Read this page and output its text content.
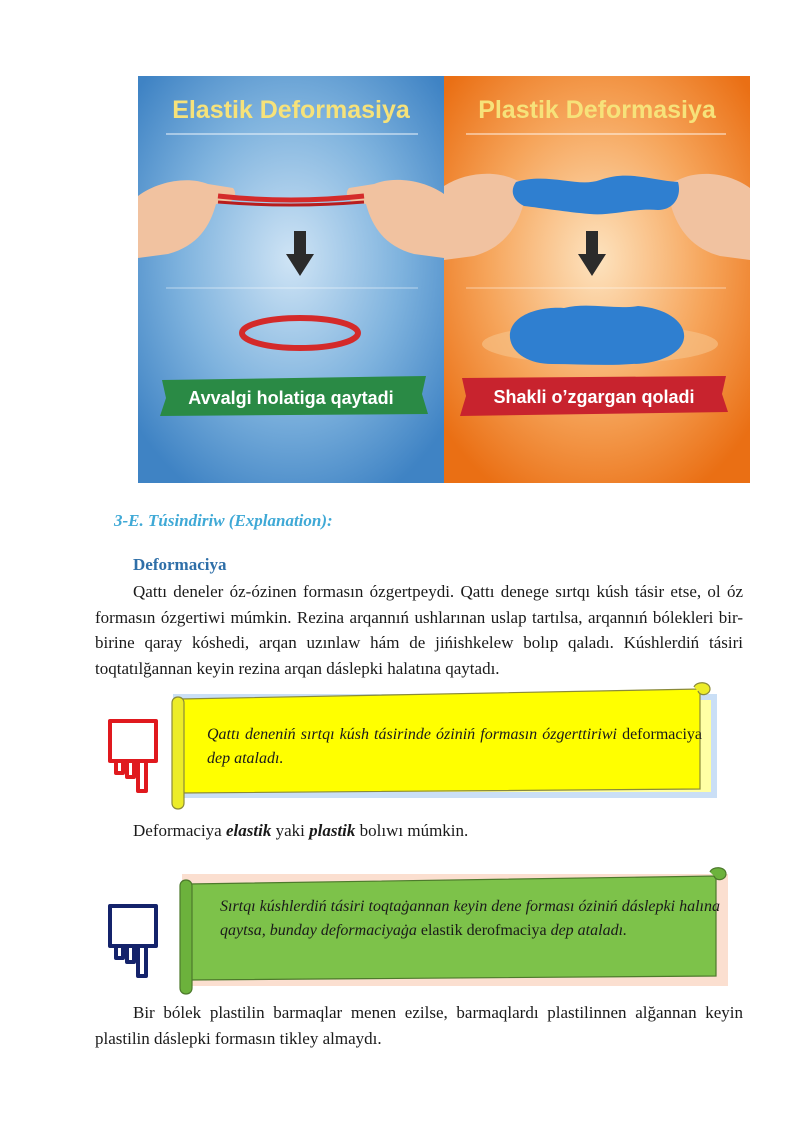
Elastik Deformasiya
Avvalgi holatiga qaytadi
Plastik Deformasiya
Shakli o’zgargan qoladi
3-E. Túsindiriw (Explanation):
Deformaciya

Qattı deneler óz-ózinen formasın ózgertpeydi. Qattı denege sırtqı kúsh tásir etse, ol óz formasın ózgertiwi múmkin. Rezina arqannıń ushlarınan uslap tartılsa, arqannıń bólekleri bir-birine qaray kóshedi, arqan uzınlaw hám de jińishkelew bolıp qaladı. Kúshlerdiń tásiri toqtatılğannan keyin rezina arqan dáslepki halatına qaytadı.

Qattı deneniń sırtqı kúsh tásirinde óziniń formasın ózgerttiriwi deformaciya dep ataladı.

Deformaciya elastik yaki plastik bolıwı múmkin.

Sırtqı kúshlerdiń tásiri toqtaġannan keyin dene forması óziniń dáslepki halına qaytsa, bunday deformaciyaġa elastik derofmaciya dep ataladı.

Bir bólek plastilin barmaqlar menen ezilse, barmaqlardı plastilinnen alğannan keyin plastilin dáslepki formasın tikley almaydı.
